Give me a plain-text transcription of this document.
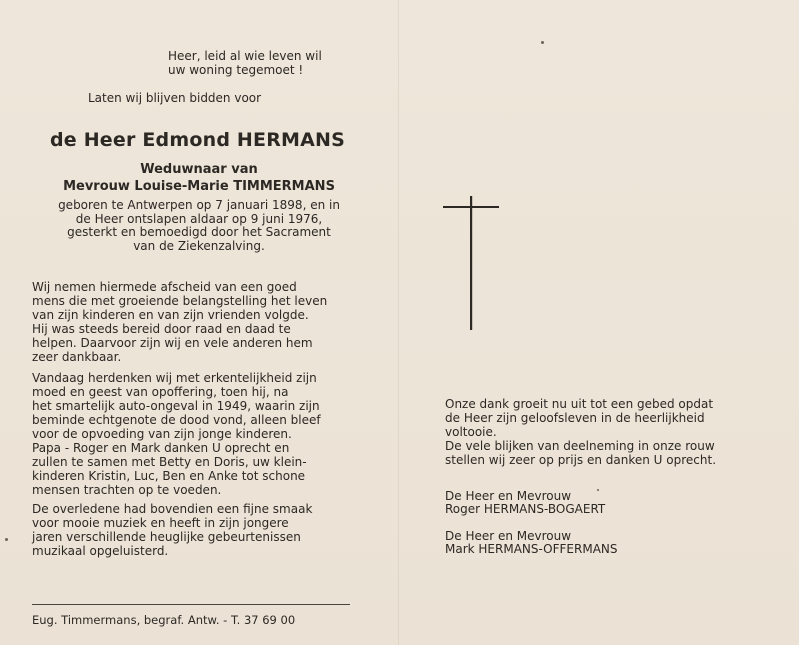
Heer, leid al wie leven wil
uw woning tegemoet !
Laten wij blijven bidden voor
de Heer Edmond HERMANS
Weduwnaar van
Mevrouw Louise-Marie TIMMERMANS
geboren te Antwerpen op 7 januari 1898, en in
de Heer ontslapen aldaar op 9 juni 1976,
gesterkt en bemoedigd door het Sacrament
van de Ziekenzalving.
Wij nemen hiermede afscheid van een goed
mens die met groeiende belangstelling het leven
van zijn kinderen en van zijn vrienden volgde.
Hij was steeds bereid door raad en daad te
helpen. Daarvoor zijn wij en vele anderen hem
zeer dankbaar.
Vandaag herdenken wij met erkentelijkheid zijn
moed en geest van opoffering, toen hij, na
het smartelijk auto-ongeval in 1949, waarin zijn
beminde echtgenote de dood vond, alleen bleef
voor de opvoeding van zijn jonge kinderen.
Papa - Roger en Mark danken U oprecht en
zullen te samen met Betty en Doris, uw klein-
kinderen Kristin, Luc, Ben en Anke tot schone
mensen trachten op te voeden.
De overledene had bovendien een fijne smaak
voor mooie muziek en heeft in zijn jongere
jaren verschillende heuglijke gebeurtenissen
muzikaal opgeluisterd.
Eug. Timmermans, begraf. Antw. - T. 37 69 00
Onze dank groeit nu uit tot een gebed opdat
de Heer zijn geloofsleven in de heerlijkheid
voltooie.
De vele blijken van deelneming in onze rouw
stellen wij zeer op prijs en danken U oprecht.
De Heer en Mevrouw
Roger HERMANS-BOGAERT
De Heer en Mevrouw
Mark HERMANS-OFFERMANS
